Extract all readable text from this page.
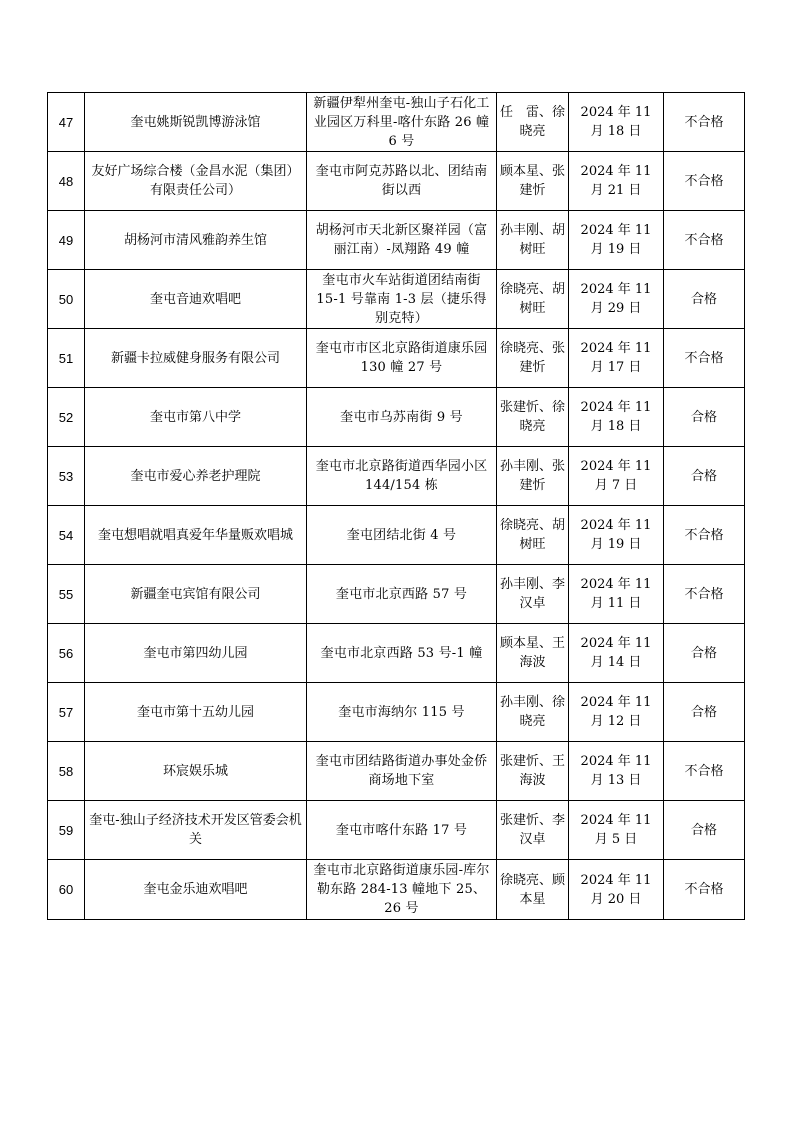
47	奎屯姚斯锐凯博游泳馆	新疆伊犁州奎屯-独山子石化工业园区万科里-喀什东路 26 幢 6 号	任　雷、徐晓亮	2024 年 11 月 18 日	不合格
48	友好广场综合楼（金昌水泥（集团）有限责任公司）	奎屯市阿克苏路以北、团结南街以西	顾本星、张建忻	2024 年 11 月 21 日	不合格
49	胡杨河市清风雅韵养生馆	胡杨河市天北新区聚祥园（富丽江南）-凤翔路 49 幢	孙丰刚、胡树旺	2024 年 11 月 19 日	不合格
50	奎屯音迪欢唱吧	奎屯市火车站街道团结南街 15-1 号靠南 1-3 层（捷乐得别克特）	徐晓亮、胡树旺	2024 年 11 月 29 日	合格
51	新疆卡拉威健身服务有限公司	奎屯市市区北京路街道康乐园 130 幢 27 号	徐晓亮、张建忻	2024 年 11 月 17 日	不合格
52	奎屯市第八中学	奎屯市乌苏南街 9 号	张建忻、徐晓亮	2024 年 11 月 18 日	合格
53	奎屯市爱心养老护理院	奎屯市北京路街道西华园小区 144/154 栋	孙丰刚、张建忻	2024 年 11 月 7 日	合格
54	奎屯想唱就唱真爱年华量贩欢唱城	奎屯团结北街 4 号	徐晓亮、胡树旺	2024 年 11 月 19 日	不合格
55	新疆奎屯宾馆有限公司	奎屯市北京西路 57 号	孙丰刚、李汉卓	2024 年 11 月 11 日	不合格
56	奎屯市第四幼儿园	奎屯市北京西路 53 号-1 幢	顾本星、王海波	2024 年 11 月 14 日	合格
57	奎屯市第十五幼儿园	奎屯市海纳尔 115 号	孙丰刚、徐晓亮	2024 年 11 月 12 日	合格
58	环宸娱乐城	奎屯市团结路街道办事处金侨商场地下室	张建忻、王海波	2024 年 11 月 13 日	不合格
59	奎屯-独山子经济技术开发区管委会机关	奎屯市喀什东路 17 号	张建忻、李汉卓	2024 年 11 月 5 日	合格
60	奎屯金乐迪欢唱吧	奎屯市北京路街道康乐园-库尔勒东路 284-13 幢地下 25、26 号	徐晓亮、顾本星	2024 年 11 月 20 日	不合格
